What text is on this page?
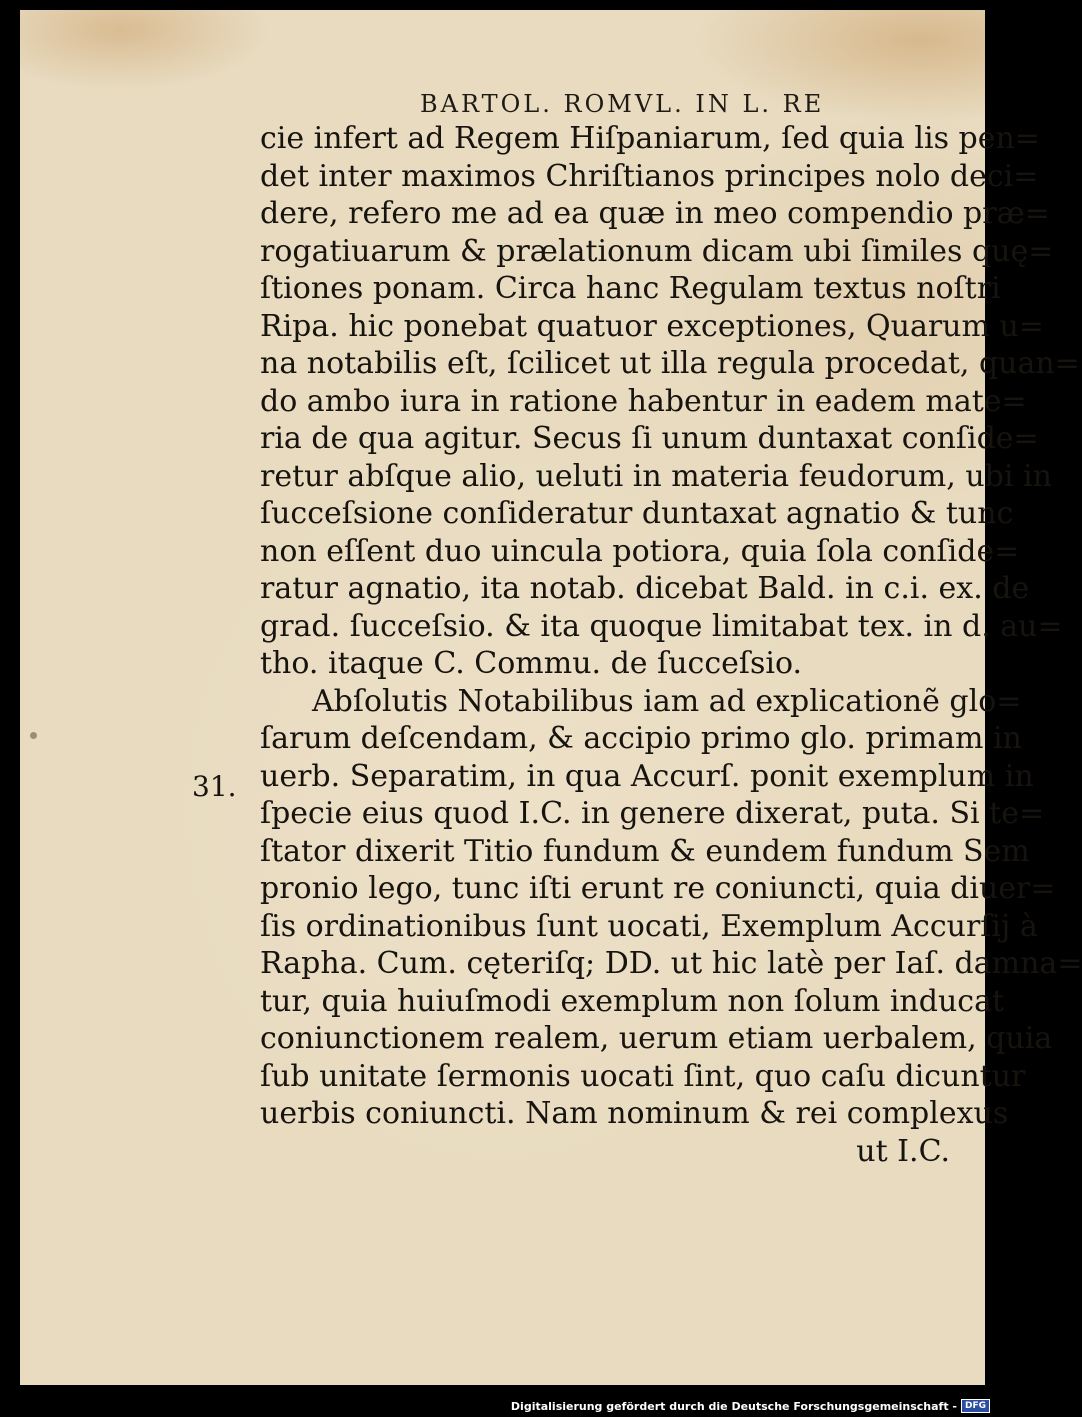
BARTOL. ROMVL. IN L. RE
31.
cie infert ad Regem Hiſpaniarum, ſed quia lis pen=
det inter maximos Chriſtianos principes nolo deci=
dere, refero me ad ea quæ in meo compendio præ=
rogatiuarum & prælationum dicam ubi ſimiles quę=
ſtiones ponam. Circa hanc Regulam textus noſtri
Ripa. hic ponebat quatuor exceptiones, Quarum u=
na notabilis eſt, ſcilicet ut illa regula procedat, quan=
do ambo iura in ratione habentur in eadem mate=
ria de qua agitur. Secus ſi unum duntaxat conſide=
retur abſque alio, ueluti in materia feudorum, ubi in
ſucceſsione conſideratur duntaxat agnatio & tunc
non eſſent duo uincula potiora, quia ſola conſide=
ratur agnatio, ita notab. dicebat Bald. in c.i. ex. de
grad. ſucceſsio. & ita quoque limitabat tex. in d. au=
tho. itaque C. Commu. de ſucceſsio.
Abſolutis Notabilibus iam ad explicationẽ glo=
ſarum deſcendam, & accipio primo glo. primam in
uerb. Separatim, in qua Accurſ. ponit exemplum in
ſpecie eius quod I.C. in genere dixerat, puta. Si te=
ſtator dixerit Titio fundum & eundem fundum Sem
pronio lego, tunc iſti erunt re coniuncti, quia diuer=
ſis ordinationibus ſunt uocati, Exemplum Accurſij à
Rapha. Cum. cęteriſq; DD. ut hic latè per Iaſ. damna=
tur, quia huiuſmodi exemplum non ſolum inducat
coniunctionem realem, uerum etiam uerbalem, quia
ſub unitate ſermonis uocati ſint, quo caſu dicuntur
uerbis coniuncti. Nam nominum & rei complexus
ut I.C.
Digitalisierung gefördert durch die Deutsche Forschungsgemeinschaft - DFG
